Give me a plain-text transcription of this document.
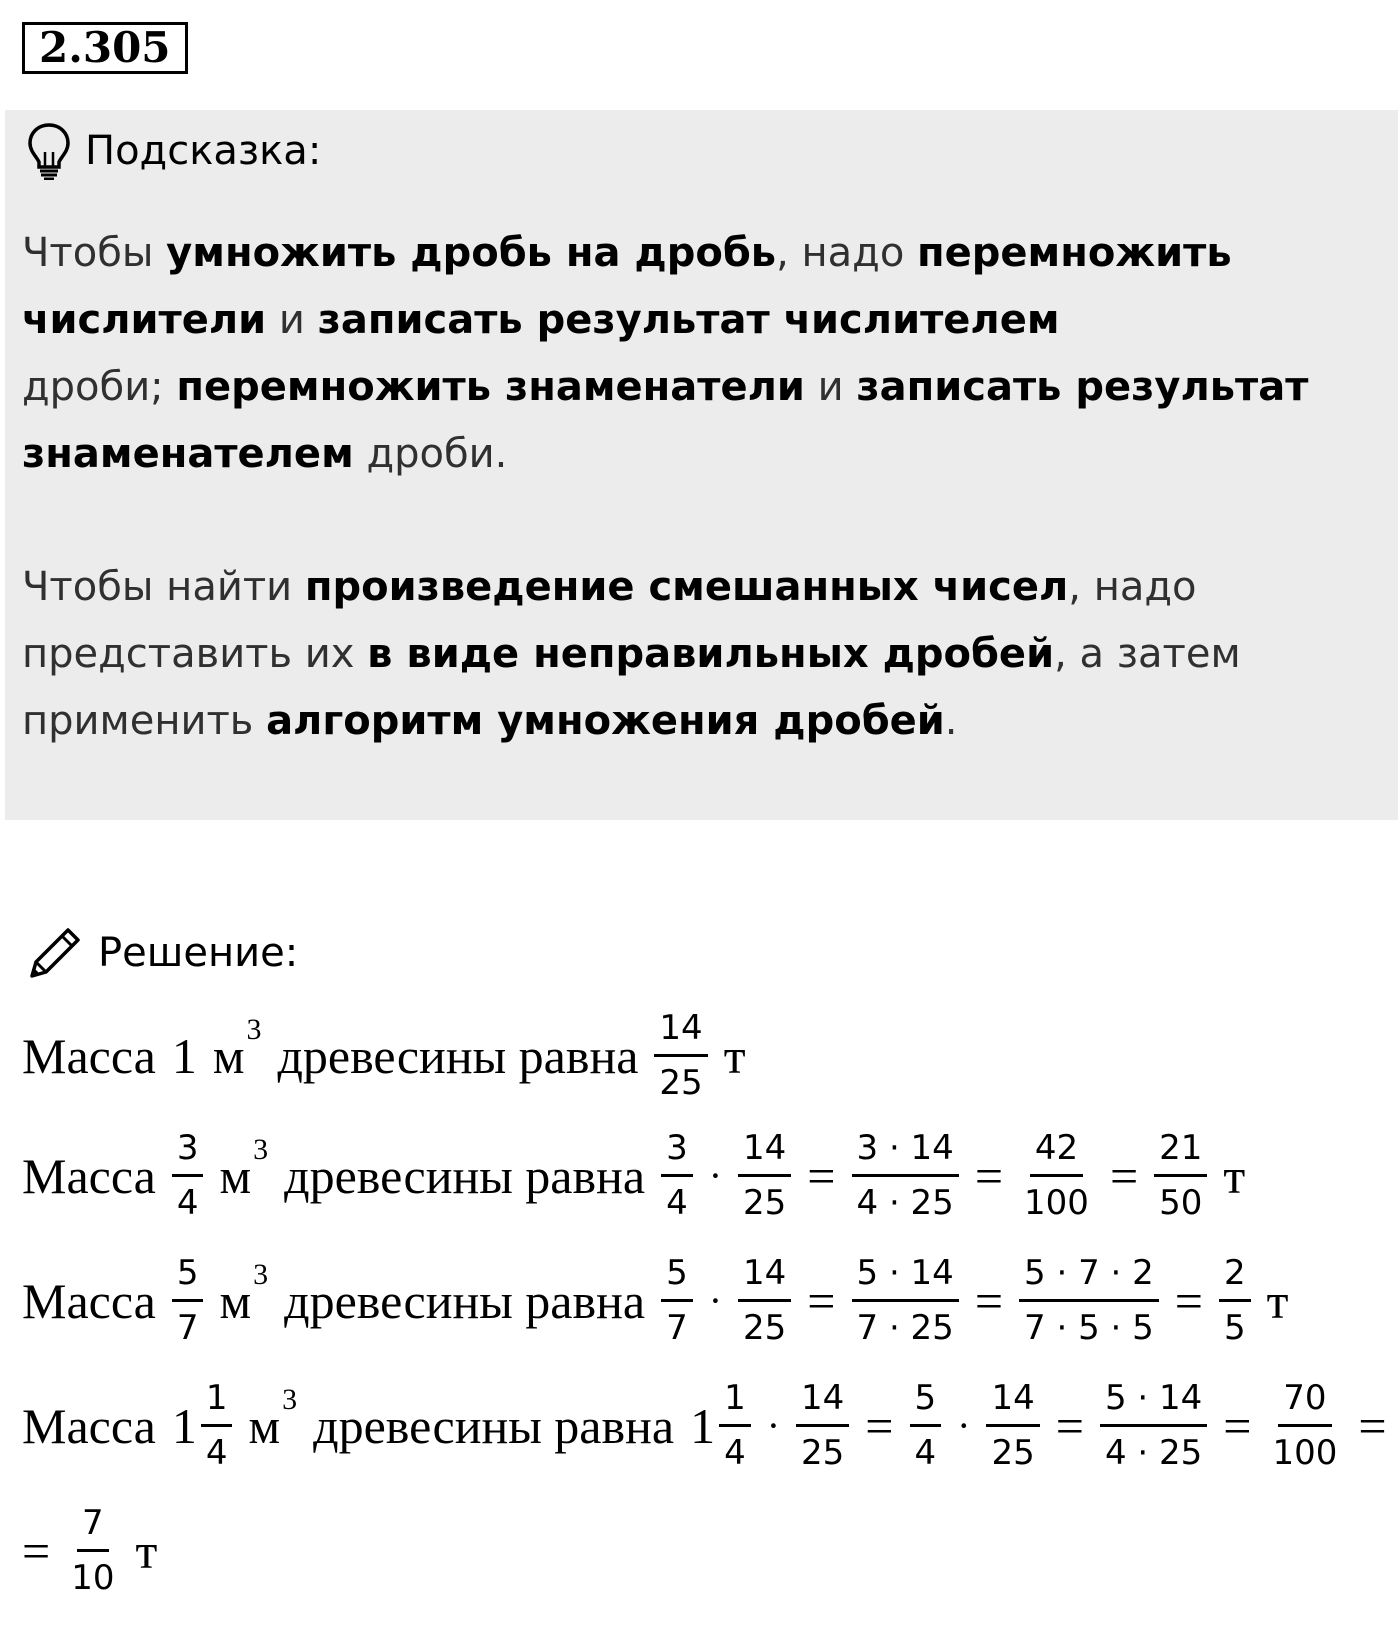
2.305
Подсказка:
Чтобы умножить дробь на дробь, надо перемножить числители и записать результат числителем
дроби; перемножить знаменатели и записать результат знаменателем дроби.
Чтобы найти произведение смешанных чисел, надо представить их в виде неправильных дробей, а затем применить алгоритм умножения дробей.
Решение:
Масса 1 $м^3$ древесины равна $\frac{14}{25}$ т
Масса $\frac{3}{4} м^3$ древесины равна $\frac{3}{4} \cdot \frac{14}{25} = \frac{3 \cdot 14}{4 \cdot 25} = \frac{42}{100} = \frac{21}{50}$ т
Масса $\frac{5}{7} м^3$ древесины равна $\frac{5}{7} \cdot \frac{14}{25} = \frac{5 \cdot 14}{7 \cdot 25} = \frac{5 \cdot 7 \cdot 2}{7 \cdot 5 \cdot 5} = \frac{2}{5}$ т
Масса $1 \frac{1}{4} м^3$ древесины равна $1 \frac{1}{4} \cdot \frac{14}{25} = \frac{5}{4} \cdot \frac{14}{25} = \frac{5 \cdot 14}{4 \cdot 25} = \frac{70}{100}$ =
= $\frac{7}{10}$ т
